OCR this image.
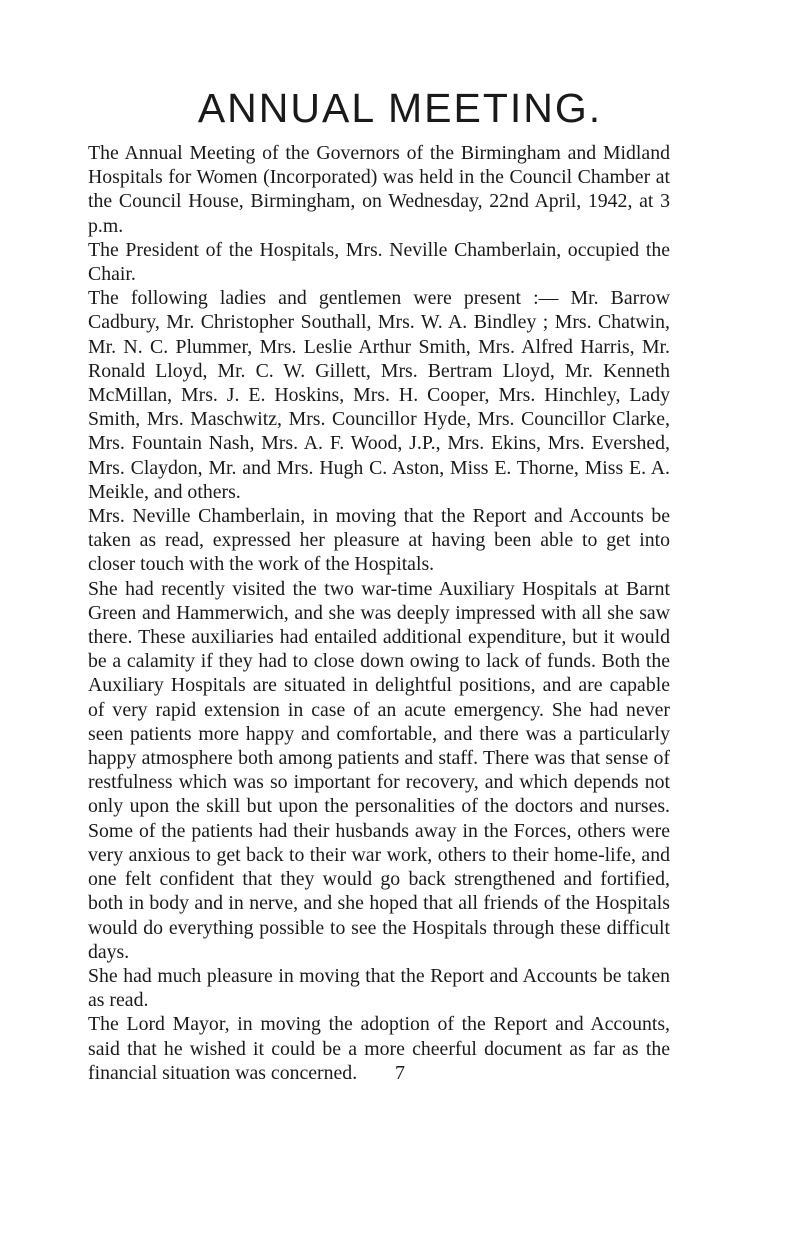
ANNUAL MEETING.

The Annual Meeting of the Governors of the Birmingham and Midland Hospitals for Women (Incorporated) was held in the Council Chamber at the Council House, Birmingham, on Wednesday, 22nd April, 1942, at 3 p.m.

The President of the Hospitals, Mrs. Neville Chamberlain, occupied the Chair.

The following ladies and gentlemen were present :— Mr. Barrow Cadbury, Mr. Christopher Southall, Mrs. W. A. Bindley ; Mrs. Chatwin, Mr. N. C. Plummer, Mrs. Leslie Arthur Smith, Mrs. Alfred Harris, Mr. Ronald Lloyd, Mr. C. W. Gillett, Mrs. Bertram Lloyd, Mr. Kenneth McMillan, Mrs. J. E. Hoskins, Mrs. H. Cooper, Mrs. Hinchley, Lady Smith, Mrs. Maschwitz, Mrs. Councillor Hyde, Mrs. Councillor Clarke, Mrs. Fountain Nash, Mrs. A. F. Wood, J.P., Mrs. Ekins, Mrs. Evershed, Mrs. Claydon, Mr. and Mrs. Hugh C. Aston, Miss E. Thorne, Miss E. A. Meikle, and others.

Mrs. Neville Chamberlain, in moving that the Report and Accounts be taken as read, expressed her pleasure at having been able to get into closer touch with the work of the Hospitals.

She had recently visited the two war-time Auxiliary Hospitals at Barnt Green and Hammerwich, and she was deeply impressed with all she saw there. These auxiliaries had entailed additional expenditure, but it would be a calamity if they had to close down owing to lack of funds. Both the Auxiliary Hospitals are situated in delightful positions, and are capable of very rapid extension in case of an acute emergency. She had never seen patients more happy and comfortable, and there was a particularly happy atmosphere both among patients and staff. There was that sense of restfulness which was so important for recovery, and which depends not only upon the skill but upon the personalities of the doctors and nurses. Some of the patients had their husbands away in the Forces, others were very anxious to get back to their war work, others to their home-life, and one felt confident that they would go back strengthened and fortified, both in body and in nerve, and she hoped that all friends of the Hospitals would do everything possible to see the Hospitals through these difficult days.

She had much pleasure in moving that the Report and Accounts be taken as read.

The Lord Mayor, in moving the adoption of the Report and Accounts, said that he wished it could be a more cheerful document as far as the financial situation was concerned.	7
